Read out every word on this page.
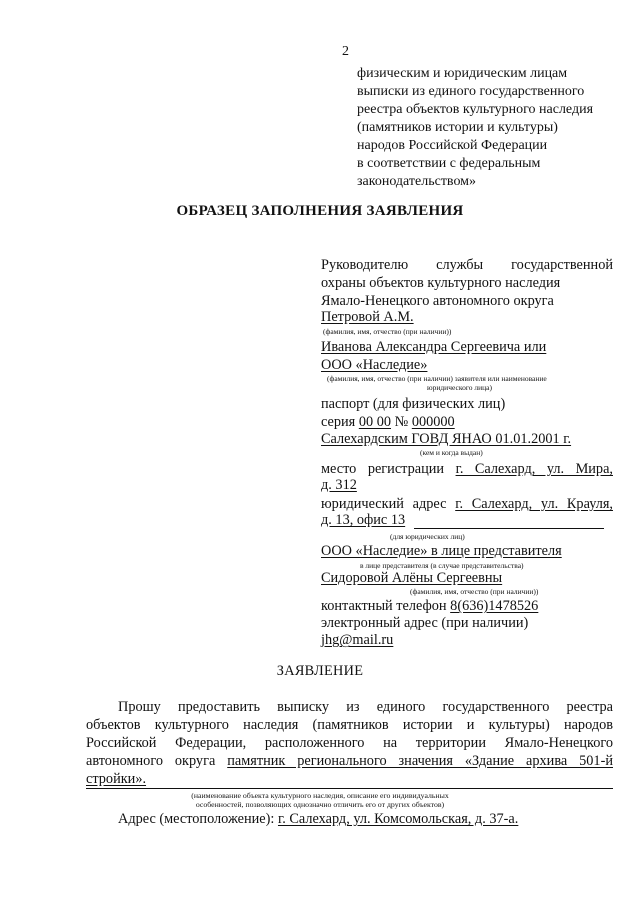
2
физическим и юридическим лицам
выписки из единого государственного
реестра объектов культурного наследия
(памятников истории и культуры)
народов Российской Федерации
в соответствии с федеральным
законодательством»
ОБРАЗЕЦ ЗАПОЛНЕНИЯ ЗАЯВЛЕНИЯ
Руководителю службы государственной
охраны объектов культурного наследия
Ямало-Ненецкого автономного округа
Петровой А.М.
(фамилия, имя, отчество (при наличии))
Иванова Александра Сергеевича или
ООО «Наследие»
(фамилия, имя, отчество (при наличии) заявителя или наименование
юридического лица)
паспорт (для физических лиц)
серия 00 00 № 000000
Салехардским ГОВД ЯНАО 01.01.2001 г.
(кем и когда выдан)
место регистрации г. Салехард, ул. Мира,
д. 312
юридический адрес г. Салехард, ул. Крауля,
д. 13, офис 13
(для юридических лиц)
ООО «Наследие» в лице представителя
в лице представителя (в случае представительства)
Сидоровой Алёны Сергеевны
(фамилия, имя, отчество (при наличии))
контактный телефон 8(636)1478526
электронный адрес (при наличии)
jhg@mail.ru
ЗАЯВЛЕНИЕ
Прошу предоставить выписку из единого государственного реестра
объектов культурного наследия (памятников истории и культуры) народов
Российской Федерации, расположенного на территории Ямало-Ненецкого
автономного округа памятник регионального значения «Здание архива 501-й
стройки».
(наименование объекта культурного наследия, описание его индивидуальных
особенностей, позволяющих однозначно отличить его от других объектов)
Адрес (местоположение): г. Салехард, ул. Комсомольская, д. 37-а.
